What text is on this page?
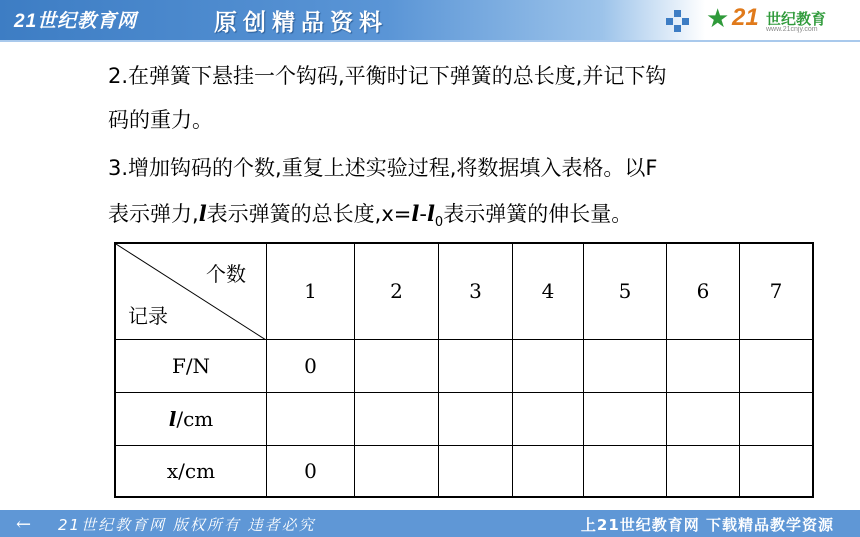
21世纪教育网	原创精品资料	★ 21 世纪教育
www.21cnjy.com
2.在弹簧下悬挂一个钩码,平衡时记下弹簧的总长度,并记下钩
码的重力。
3.增加钩码的个数,重复上述实验过程,将数据填入表格。以F
表示弹力,l表示弹簧的总长度$,x=l-l_0$表示弹簧的伸长量。
个数
记录	1	2	3	4	5	6	7
F/N	0						
l/cm							
x/cm	0						
← 21世纪教育网 版权所有 违者必究	上21世纪教育网 下载精品教学资源
